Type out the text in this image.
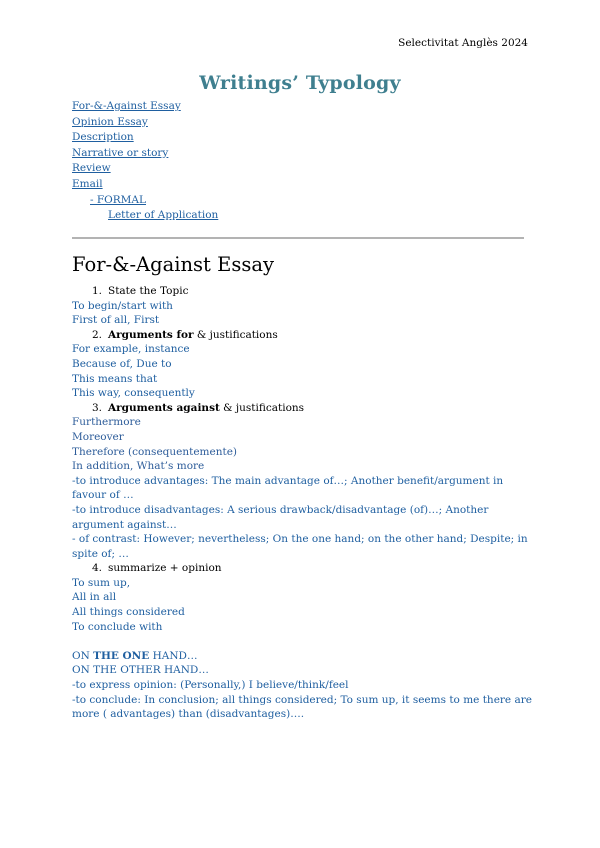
Selectivitat Anglès 2024
Writings’ Typology
For-&-Against Essay
Opinion Essay
Description
Narrative or story
Review
Email
- FORMAL
Letter of Application
For-&-Against Essay
1. State the Topic
To begin/start with
First of all, First
2. Arguments for & justifications
For example, instance
Because of, Due to
This means that
This way, consequently
3. Arguments against & justifications
Furthermore
Moreover
Therefore (consequentemente)
In addition, What’s more
-to introduce advantages: The main advantage of…; Another benefit/argument in favour of …
-to introduce disadvantages: A serious drawback/disadvantage (of)…; Another argument against…
- of contrast: However; nevertheless; On the one hand; on the other hand; Despite; in spite of; …
4. summarize + opinion
To sum up,
All in all
All things considered
To conclude with
ON THE ONE HAND…
ON THE OTHER HAND…
-to express opinion: (Personally,) I believe/think/feel
-to conclude: In conclusion; all things considered; To sum up, it seems to me there are more ( advantages) than (disadvantages)….
